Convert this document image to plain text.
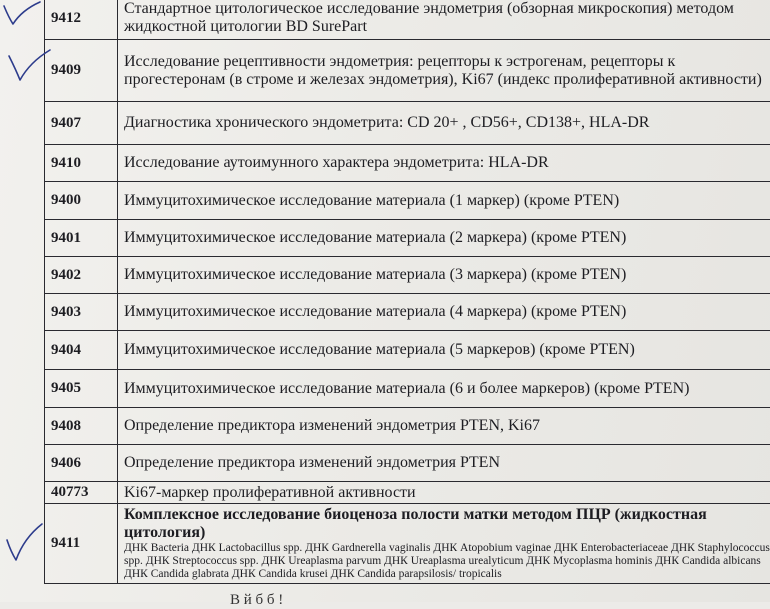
9412	Стандартное цитологическое исследование эндометрия (обзорная микроскопия) методом жидкостной цитологии BD SurePart
9409	Исследование рецептивности эндометрия: рецепторы к эстрогенам, рецепторы к прогестеронам (в строме и железах эндометрия), Ki67 (индекс пролиферативной активности)
9407	Диагностика хронического эндометрита: CD 20+ , CD56+, CD138+, HLA-DR
9410	Исследование аутоимунного характера эндометрита: HLA-DR
9400	Иммуцитохимическое исследование материала (1 маркер) (кроме PTEN)
9401	Иммуцитохимическое исследование материала (2 маркера) (кроме PTEN)
9402	Иммуцитохимическое исследование материала (3 маркера) (кроме PTEN)
9403	Иммуцитохимическое исследование материала (4 маркера) (кроме PTEN)
9404	Иммуцитохимическое исследование материала (5 маркеров) (кроме PTEN)
9405	Иммуцитохимическое исследование материала (6 и более маркеров) (кроме PTEN)
9408	Определение предиктора изменений эндометрия PTEN, Ki67
9406	Определение предиктора изменений эндометрия PTEN
40773	Ki67-маркер пролиферативной активности
9411	Комплексное исследование биоценоза полости матки методом ПЦР (жидкостная цитология)
ДНК Bacteria ДНК Lactobacillus spp. ДНК Gardnerella vaginalis ДНК Atopobium vaginae ДНК Enterobacteriaceae ДНК Staphylococcus spp. ДНК Streptococcus spp. ДНК Ureaplasma parvum ДНК Ureaplasma urealyticum ДНК Mycoplasma hominis ДНК Candida albicans ДНК Candida glabrata ДНК Candida krusei ДНК Candida parapsilosis/ tropicalis
В й б б !
